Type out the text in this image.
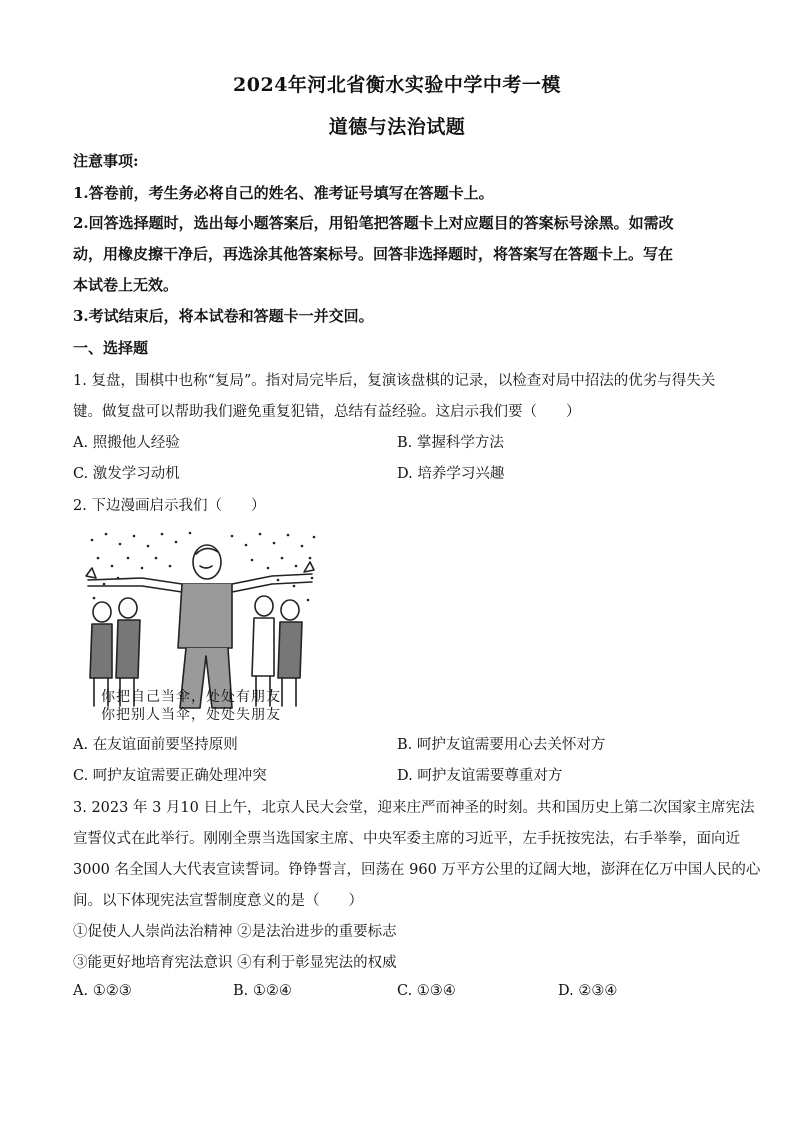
2024年河北省衡水实验中学中考一模
道德与法治试题
注意事项:
1.答卷前，考生务必将自己的姓名、准考证号填写在答题卡上。
2.回答选择题时，选出每小题答案后，用铅笔把答题卡上对应题目的答案标号涂黑。如需改
动，用橡皮擦干净后，再选涂其他答案标号。回答非选择题时，将答案写在答题卡上。写在
本试卷上无效。
3.考试结束后，将本试卷和答题卡一并交回。
一、选择题
1. 复盘，围棋中也称“复局”。指对局完毕后，复演该盘棋的记录，以检查对局中招法的优劣与得失关
键。做复盘可以帮助我们避免重复犯错，总结有益经验。这启示我们要（　　）
A. 照搬他人经验	B. 掌握科学方法
C. 激发学习动机	D. 培养学习兴趣
2. 下边漫画启示我们（　　）
你把自己当伞，处处有朋友
你把别人当伞，处处失朋友
A. 在友谊面前要坚持原则	B. 呵护友谊需要用心去关怀对方
C. 呵护友谊需要正确处理冲突	D. 呵护友谊需要尊重对方
3. 2023 年 3 月10 日上午，北京人民大会堂，迎来庄严而神圣的时刻。共和国历史上第二次国家主席宪法
宣誓仪式在此举行。刚刚全票当选国家主席、中央军委主席的习近平，左手抚按宪法，右手举拳，面向近
3000 名全国人大代表宣读誓词。铮铮誓言，回荡在 960 万平方公里的辽阔大地，澎湃在亿万中国人民的心
间。以下体现宪法宣誓制度意义的是（　　）
①促使人人崇尚法治精神 ②是法治进步的重要标志
③能更好地培育宪法意识 ④有利于彰显宪法的权威
A. ①②③	B. ①②④	C. ①③④	D. ②③④
